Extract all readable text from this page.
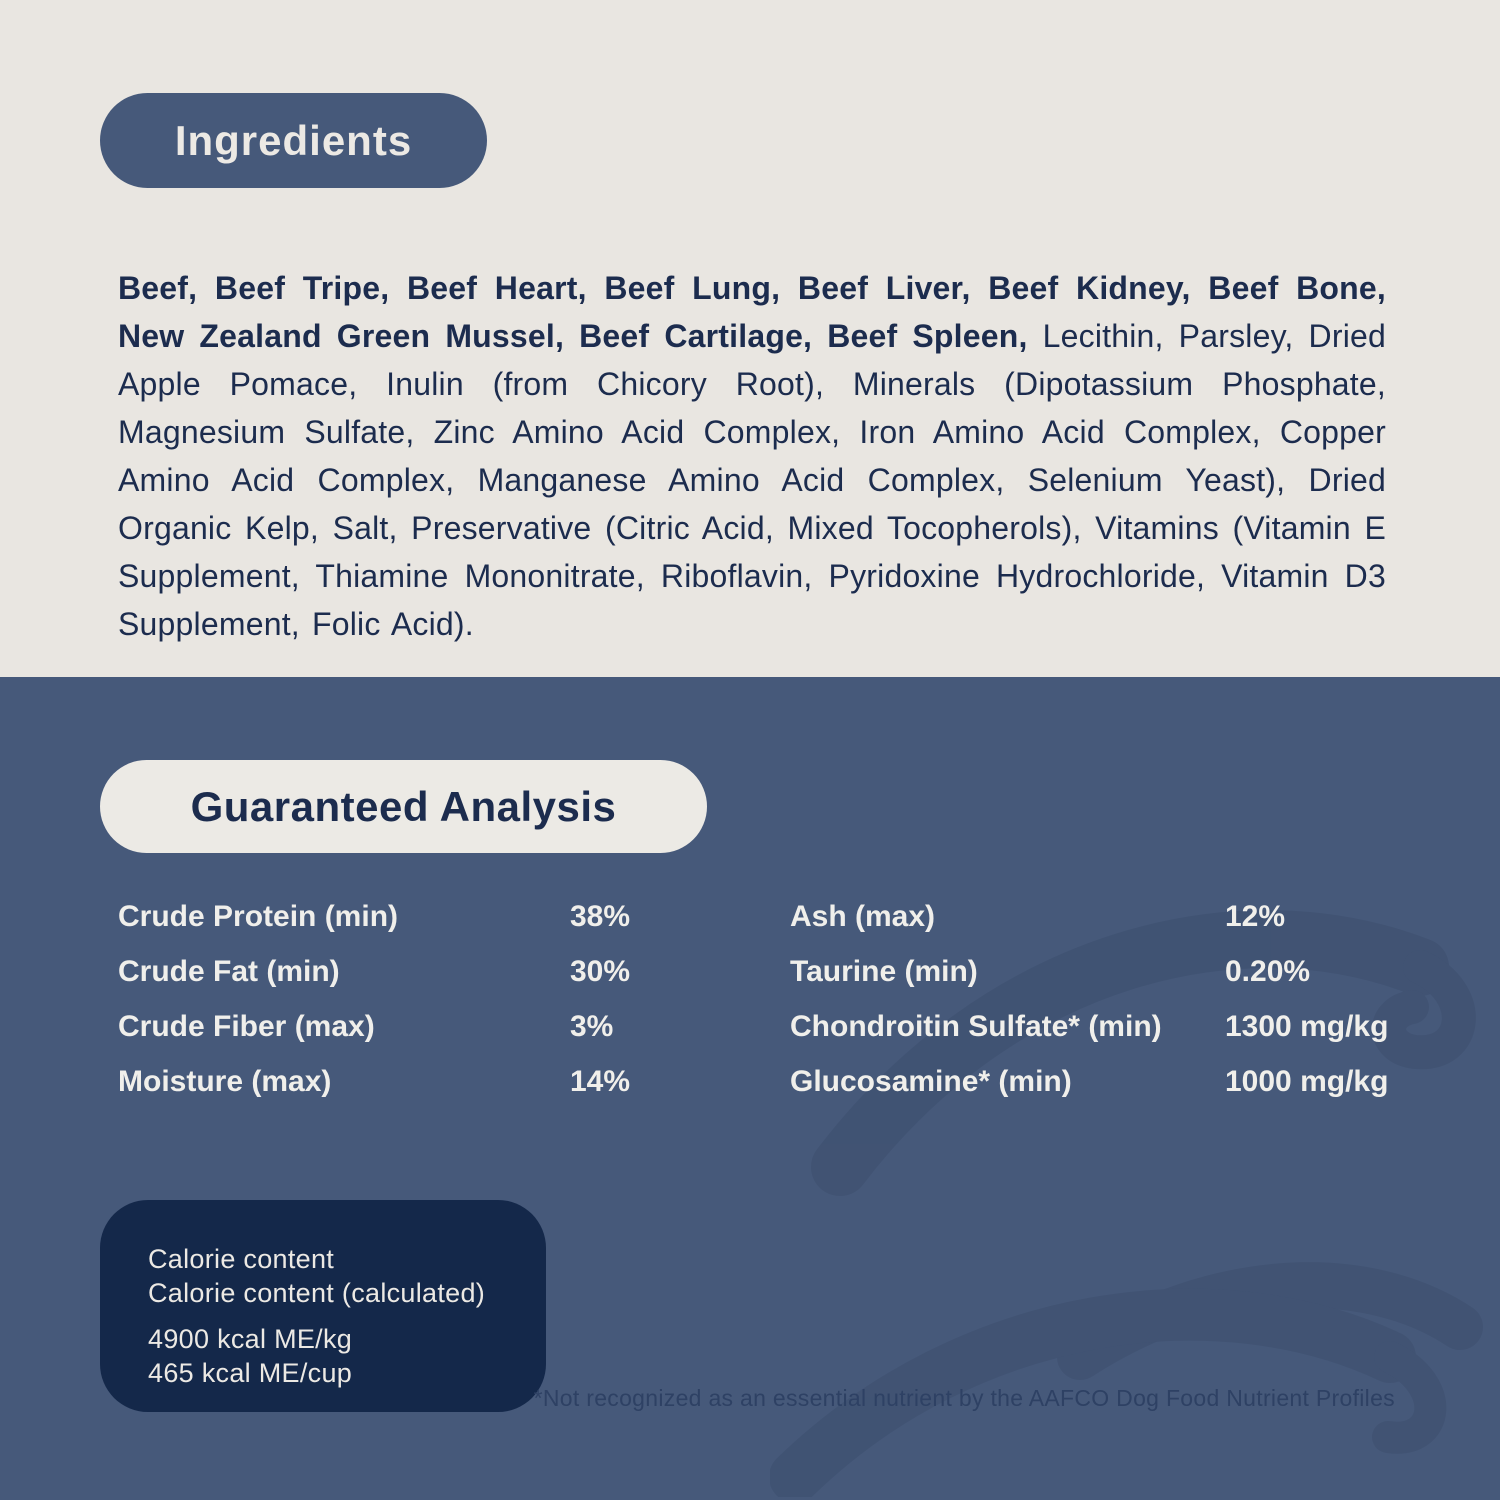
Ingredients

Beef, Beef Tripe, Beef Heart, Beef Lung, Beef Liver, Beef Kidney, Beef Bone, New Zealand Green Mussel, Beef Cartilage, Beef Spleen, Lecithin, Parsley, Dried Apple Pomace, Inulin (from Chicory Root), Minerals (Dipotassium Phosphate, Magnesium Sulfate, Zinc Amino Acid Complex, Iron Amino Acid Complex, Copper Amino Acid Complex, Manganese Amino Acid Complex, Selenium Yeast), Dried Organic Kelp, Salt, Preservative (Citric Acid, Mixed Tocopherols), Vitamins (Vitamin E Supplement, Thiamine Mononitrate, Riboflavin, Pyridoxine Hydrochloride, Vitamin D3 Supplement, Folic Acid).

Guaranteed Analysis
Crude Protein (min)	38%
Crude Fat (min)	30%
Crude Fiber (max)	3%
Moisture (max)	14%
Ash (max)	12%
Taurine (min)	0.20%
Chondroitin Sulfate* (min)	1300 mg/kg
Glucosamine* (min)	1000 mg/kg
Calorie content
Calorie content (calculated)
4900 kcal ME/kg
465 kcal ME/cup
*Not recognized as an essential nutrient by the AAFCO Dog Food Nutrient Profiles
